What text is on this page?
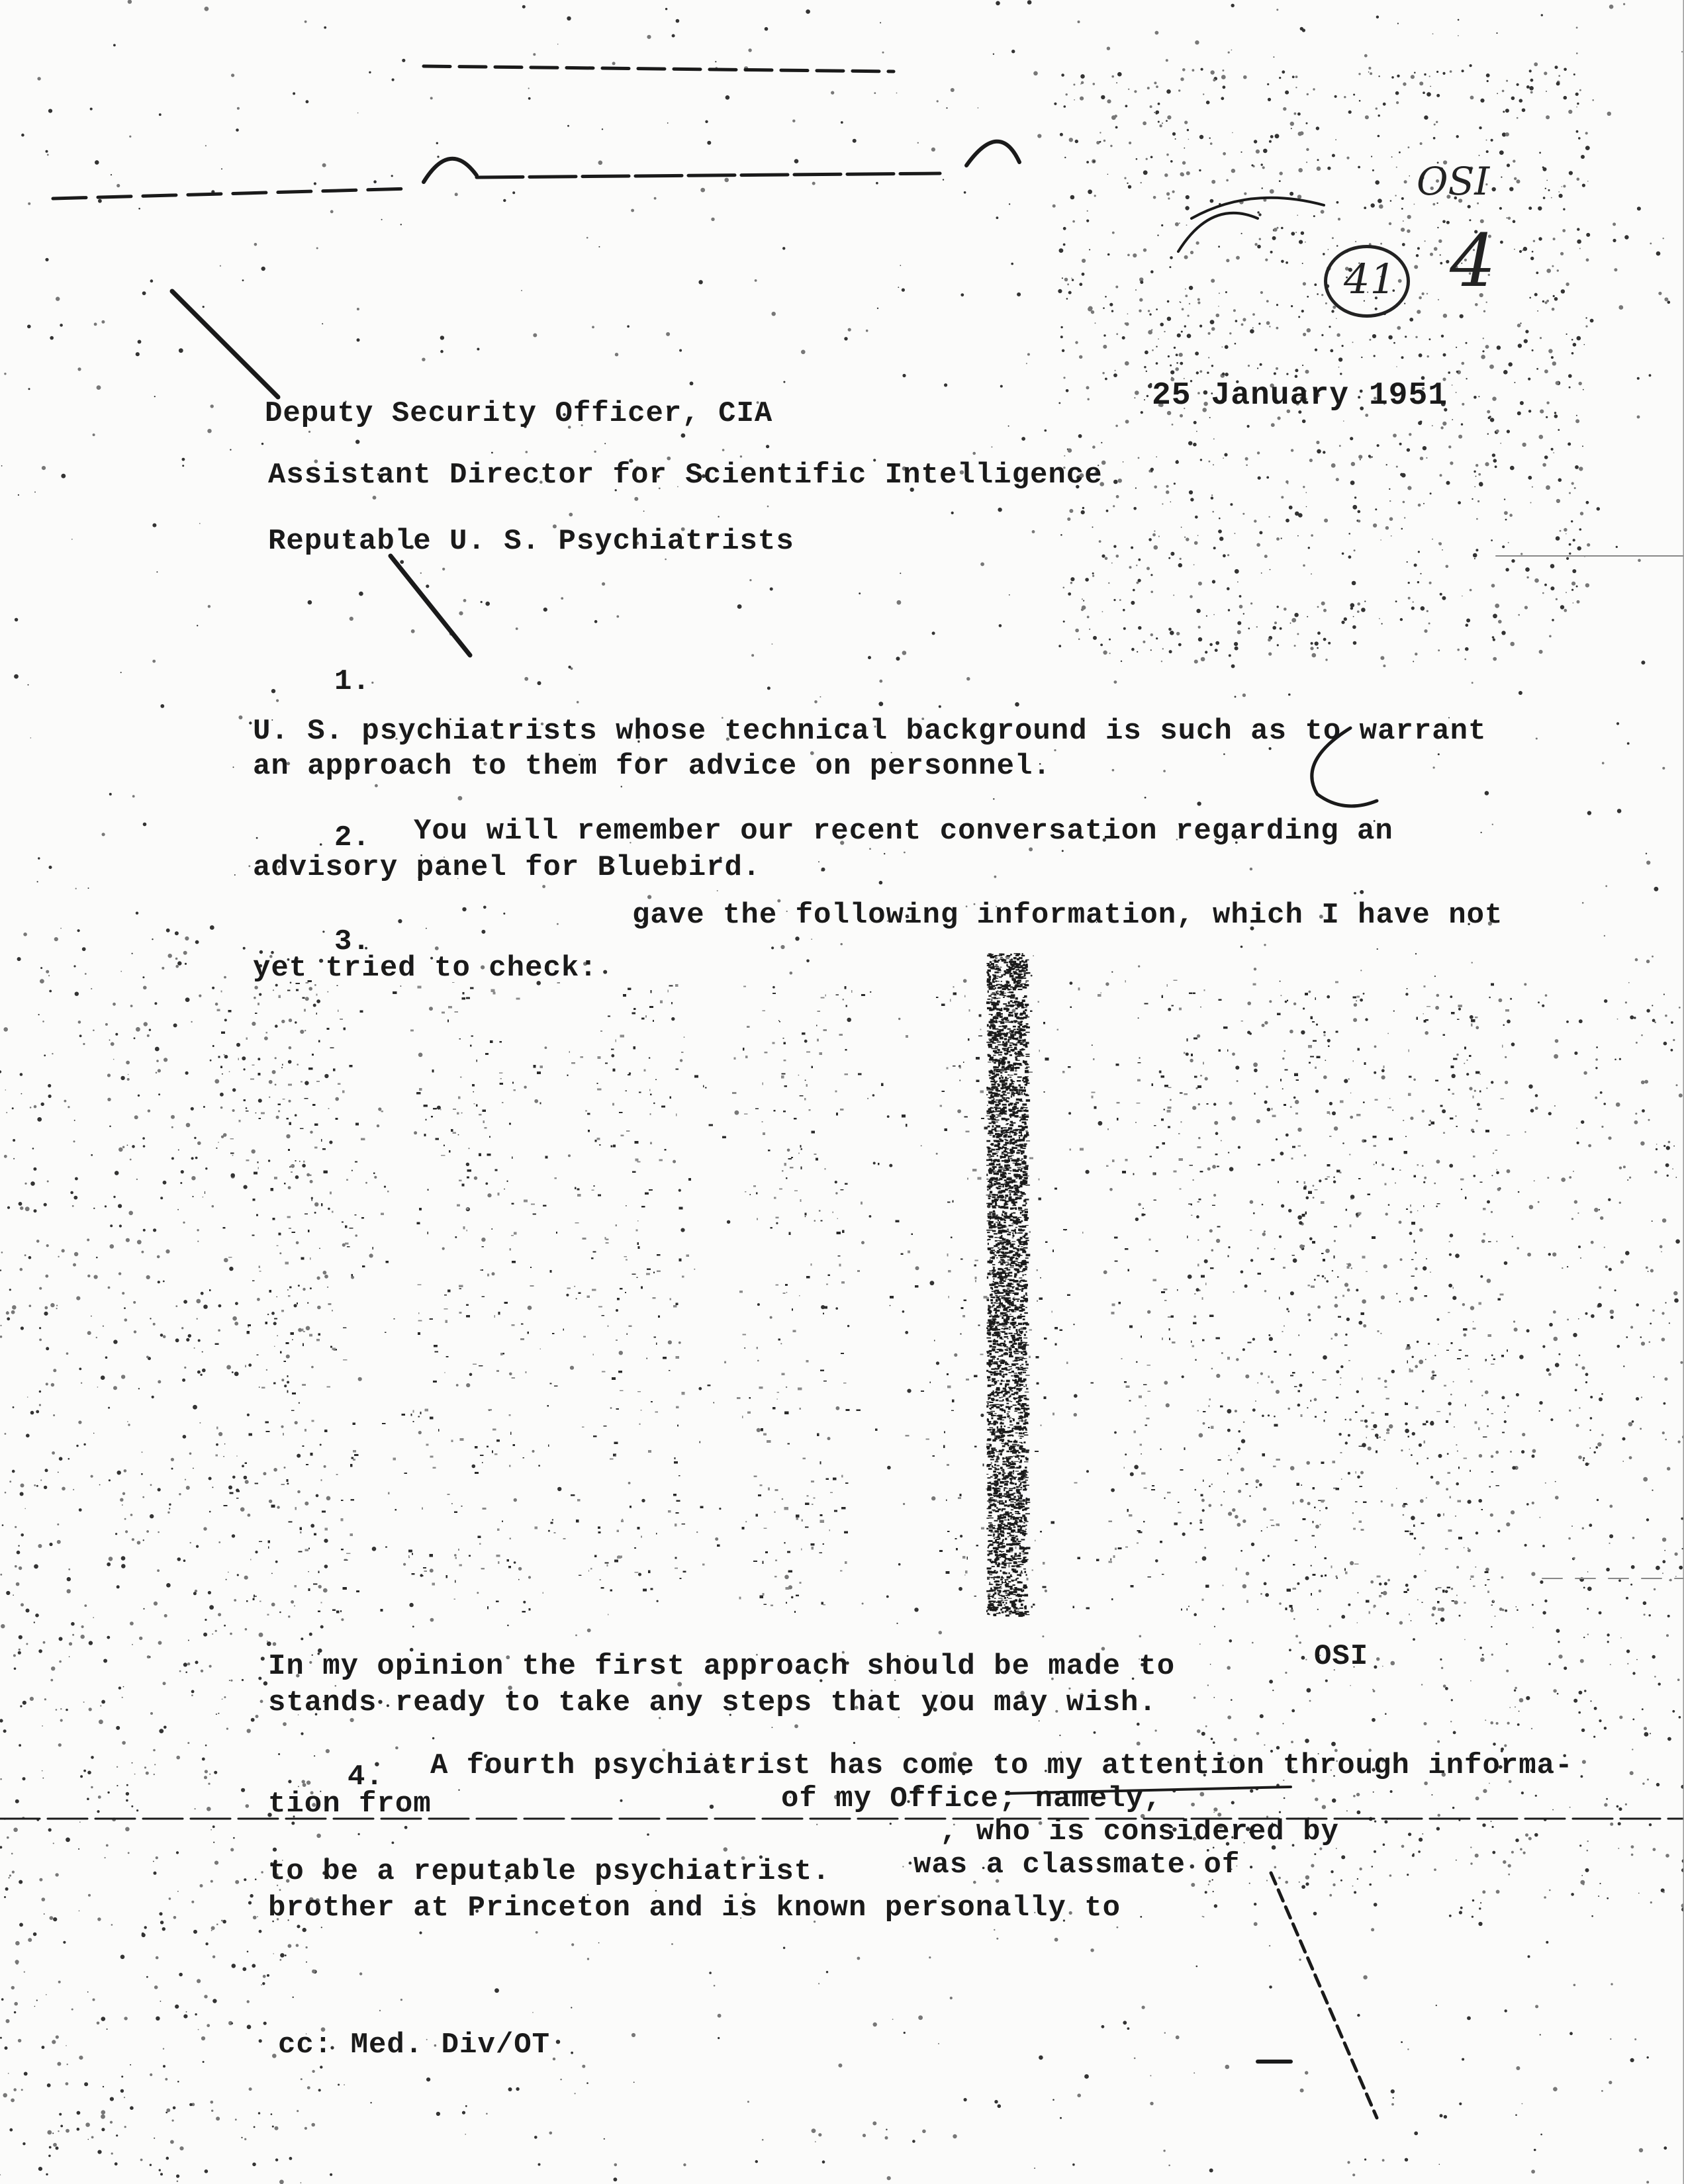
OSI
41 4
25 January 1951
Deputy Security Officer, CIA
Assistant Director for Scientific Intelligence
Reputable U. S. Psychiatrists
1.
U. S. psychiatrists whose technical background is such as to warrant
an approach to them for advice on personnel.
2. You will remember our recent conversation regarding an
advisory panel for Bluebird.
3.
gave the following information, which I have not
yet tried to check:
In my opinion the first approach should be made to	OSI
stands ready to take any steps that you may wish.
4. A fourth psychiatrist has come to my attention through informa-
tion from	of my Office; namely,
, who is considered by
to be a reputable psychiatrist.	was a classmate of
brother at Princeton and is known personally to
cc: Med. Div/OT
